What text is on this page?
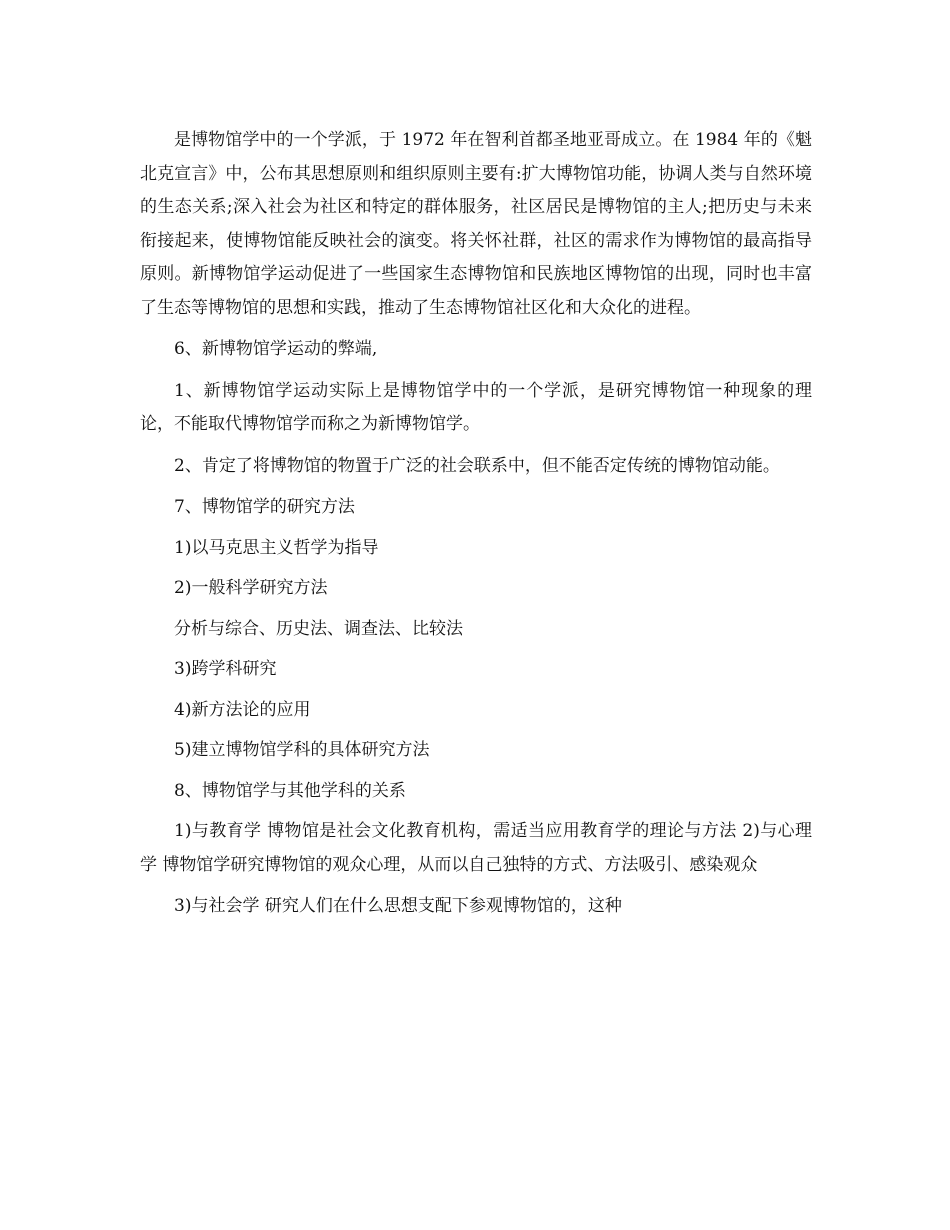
是博物馆学中的一个学派，于 1972 年在智利首都圣地亚哥成立。在 1984 年的《魁北克宣言》中，公布其思想原则和组织原则主要有:扩大博物馆功能，协调人类与自然环境的生态关系;深入社会为社区和特定的群体服务，社区居民是博物馆的主人;把历史与未来衔接起来，使博物馆能反映社会的演变。将关怀社群，社区的需求作为博物馆的最高指导原则。新博物馆学运动促进了一些国家生态博物馆和民族地区博物馆的出现，同时也丰富了生态等博物馆的思想和实践，推动了生态博物馆社区化和大众化的进程。

6、新博物馆学运动的弊端,

1、新博物馆学运动实际上是博物馆学中的一个学派，是研究博物馆一种现象的理论，不能取代博物馆学而称之为新博物馆学。

2、肯定了将博物馆的物置于广泛的社会联系中，但不能否定传统的博物馆动能。

7、博物馆学的研究方法

1)以马克思主义哲学为指导

2)一般科学研究方法

分析与综合、历史法、调查法、比较法

3)跨学科研究

4)新方法论的应用

5)建立博物馆学科的具体研究方法

8、博物馆学与其他学科的关系

1)与教育学 博物馆是社会文化教育机构，需适当应用教育学的理论与方法 2)与心理学 博物馆学研究博物馆的观众心理，从而以自己独特的方式、方法吸引、感染观众

3)与社会学 研究人们在什么思想支配下参观博物馆的，这种
